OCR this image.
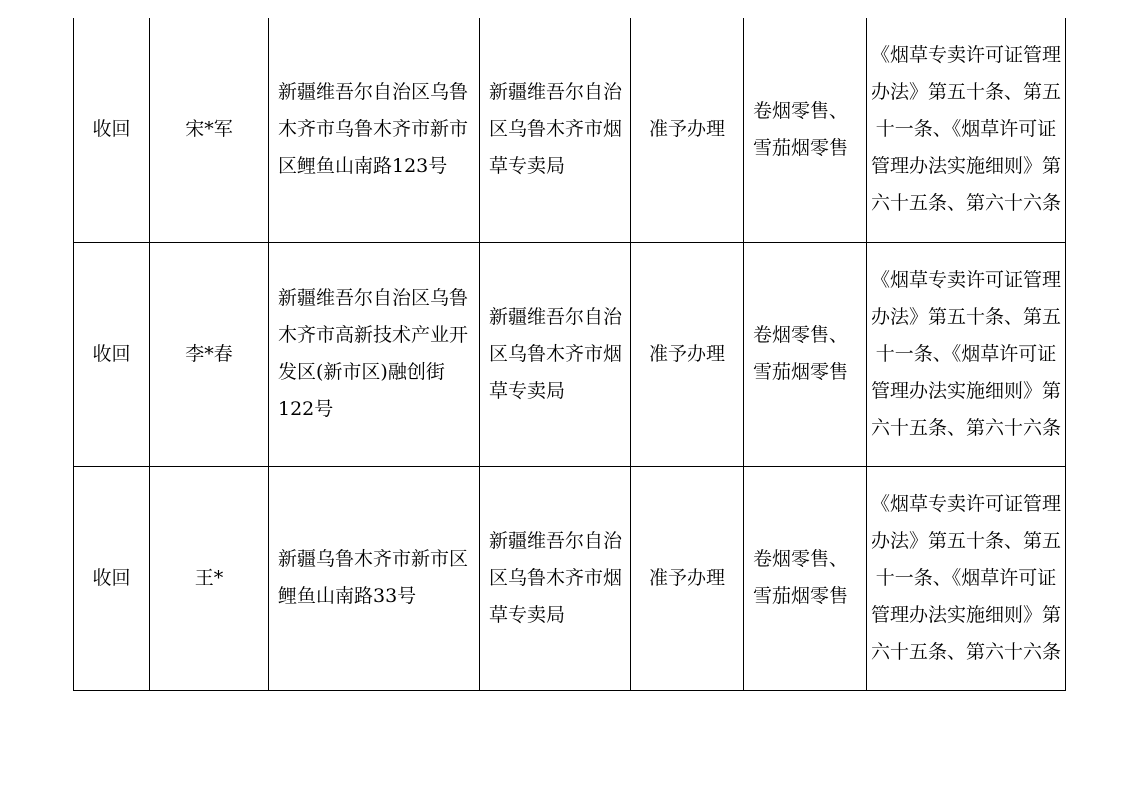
收回	宋*军	新疆维吾尔自治区乌鲁木齐市乌鲁木齐市新市区鲤鱼山南路123号	新疆维吾尔自治区乌鲁木齐市烟草专卖局	准予办理	卷烟零售、雪茄烟零售	《烟草专卖许可证管理办法》第五十条、第五十一条、《烟草许可证管理办法实施细则》第六十五条、第六十六条
收回	李*春	新疆维吾尔自治区乌鲁木齐市高新技术产业开发区(新市区)融创街122号	新疆维吾尔自治区乌鲁木齐市烟草专卖局	准予办理	卷烟零售、雪茄烟零售	《烟草专卖许可证管理办法》第五十条、第五十一条、《烟草许可证管理办法实施细则》第六十五条、第六十六条
收回	王*	新疆乌鲁木齐市新市区鲤鱼山南路33号	新疆维吾尔自治区乌鲁木齐市烟草专卖局	准予办理	卷烟零售、雪茄烟零售	《烟草专卖许可证管理办法》第五十条、第五十一条、《烟草许可证管理办法实施细则》第六十五条、第六十六条
